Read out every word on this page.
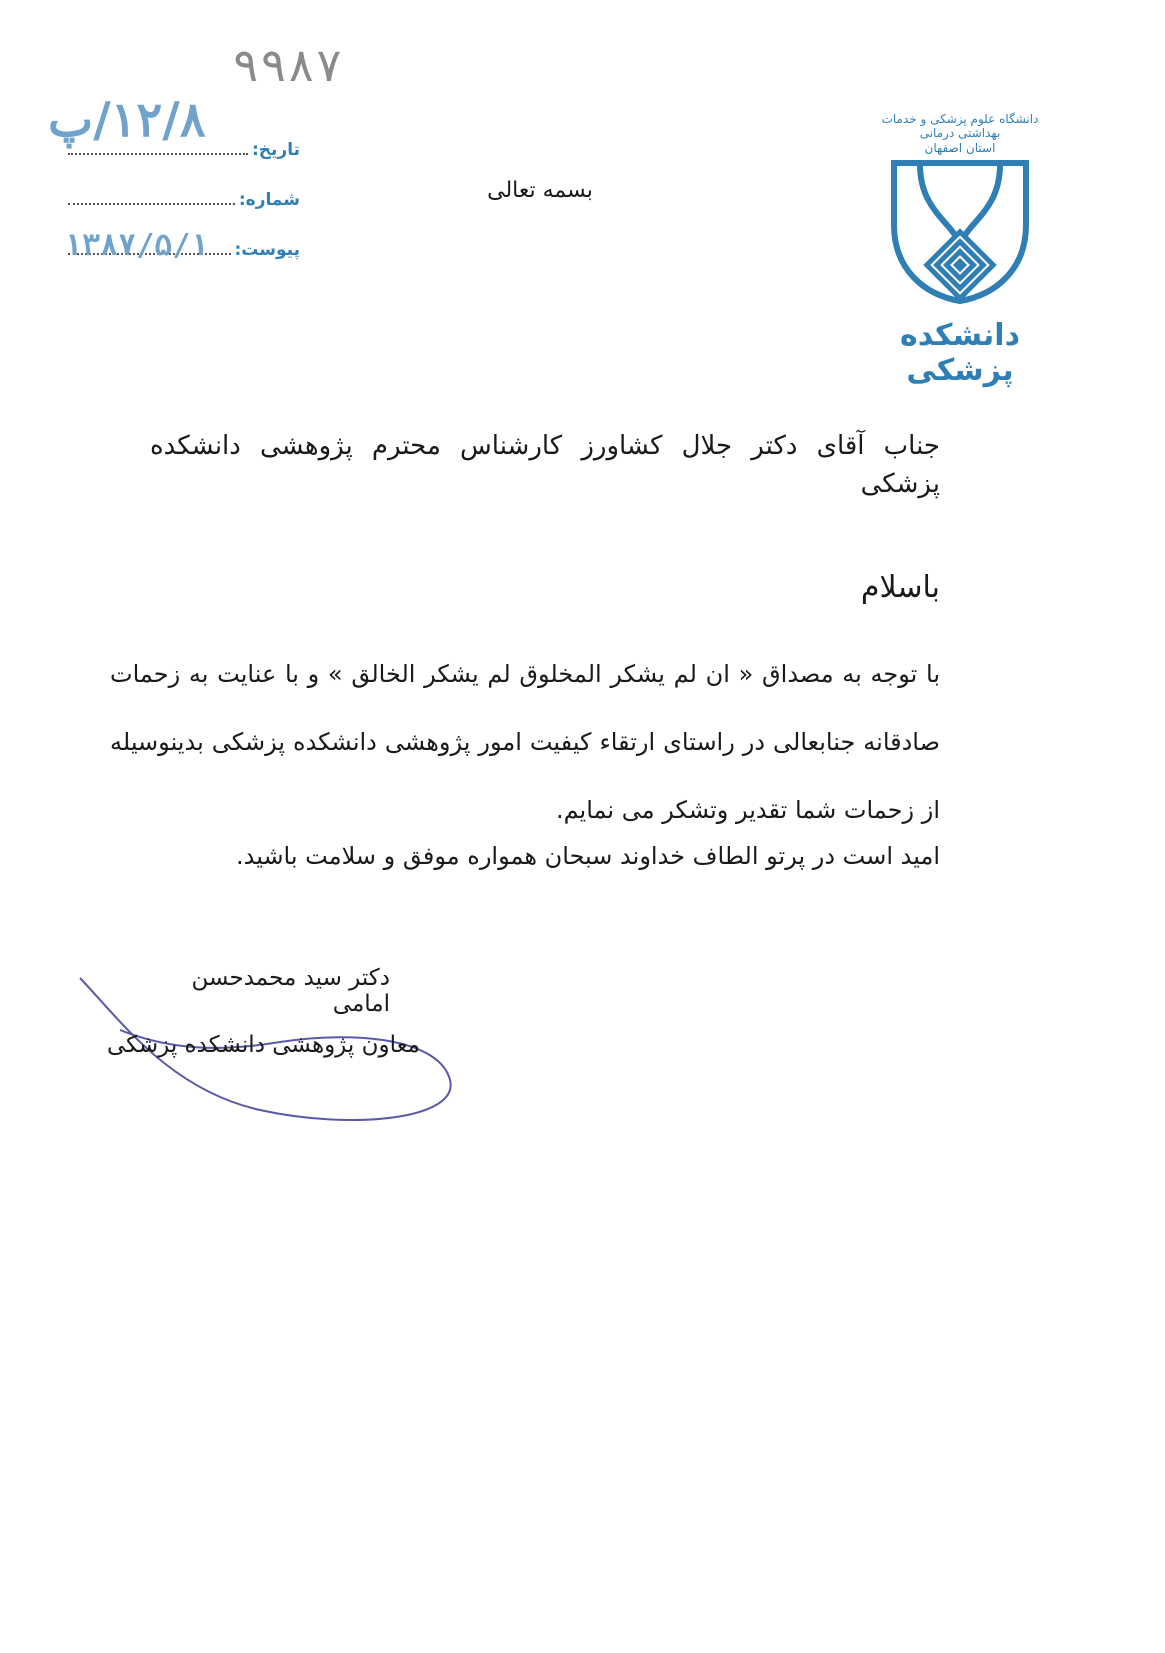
۹۹۸۷
۱۲/۸/پ
تاریخ:
شماره:
پیوست:
۱۳۸۷/۵/۱
بسمه تعالی
دانشگاه علوم پزشکی و خدمات بهداشتی درمانی
استان اصفهان
دانشکده پزشکی
جناب آقای دکتر جلال کشاورز کارشناس محترم پژوهشی دانشکده پزشکی
باسلام
با توجه به مصداق « ان لم یشکر المخلوق لم یشکر الخالق » و با عنایت به زحمات صادقانه جنابعالی در راستای ارتقاء کیفیت امور پژوهشی دانشکده پزشکی بدینوسیله از زحمات شما تقدیر وتشکر می نمایم.
امید است در پرتو الطاف خداوند سبحان همواره موفق و سلامت باشید.
دکتر سید محمدحسن امامی
معاون پژوهشی دانشکده پزشکی
